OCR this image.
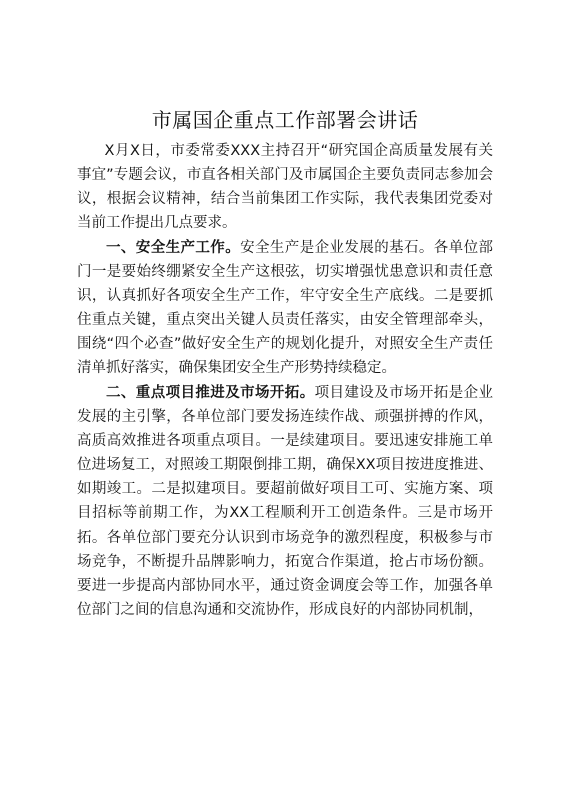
市属国企重点工作部署会讲话

X月X日，市委常委XXX主持召开“研究国企高质量发展有关事宜”专题会议，市直各相关部门及市属国企主要负责同志参加会议，根据会议精神，结合当前集团工作实际，我代表集团党委对当前工作提出几点要求。

一、安全生产工作。安全生产是企业发展的基石。各单位部门一是要始终绷紧安全生产这根弦，切实增强忧患意识和责任意识，认真抓好各项安全生产工作，牢守安全生产底线。二是要抓住重点关键，重点突出关键人员责任落实，由安全管理部牵头，围绕“四个必查”做好安全生产的规划化提升，对照安全生产责任清单抓好落实，确保集团安全生产形势持续稳定。

二、重点项目推进及市场开拓。项目建设及市场开拓是企业发展的主引擎，各单位部门要发扬连续作战、顽强拼搏的作风，高质高效推进各项重点项目。一是续建项目。要迅速安排施工单位进场复工，对照竣工期限倒排工期，确保XX项目按进度推进、如期竣工。二是拟建项目。要超前做好项目工可、实施方案、项目招标等前期工作，为XX工程顺利开工创造条件。三是市场开拓。各单位部门要充分认识到市场竞争的激烈程度，积极参与市场竞争，不断提升品牌影响力，拓宽合作渠道，抢占市场份额。要进一步提高内部协同水平，通过资金调度会等工作，加强各单位部门之间的信息沟通和交流协作，形成良好的内部协同机制，
